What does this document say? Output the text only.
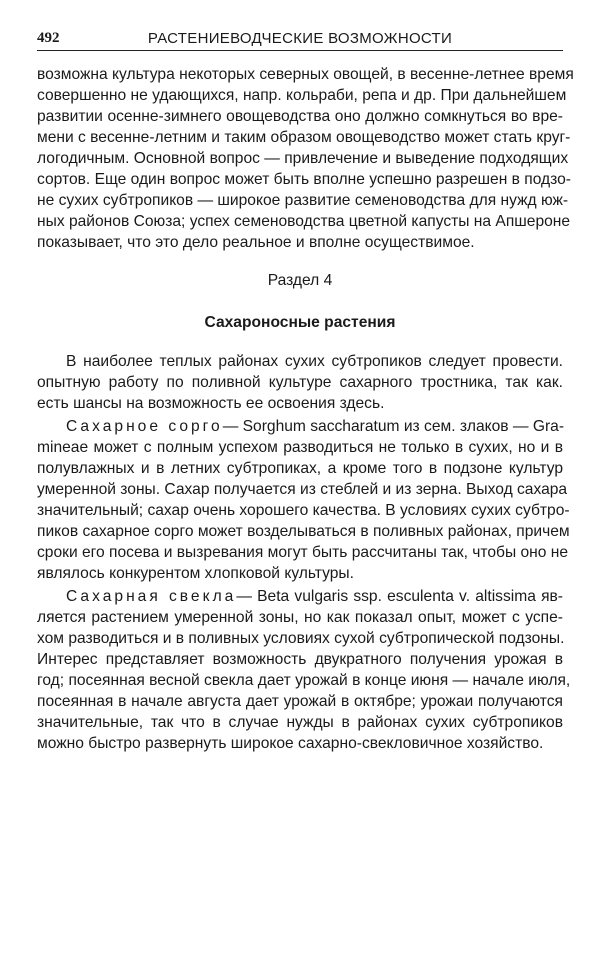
492	РАСТЕНИЕВОДЧЕСКИЕ ВОЗМОЖНОСТИ
возможна культура некоторых северных овощей, в весенне-летнее время
совершенно не удающихся, напр. кольраби, репа и др. При дальнейшем
развитии осенне-зимнего овощеводства оно должно сомкнуться во вре-
мени с весенне-летним и таким образом овощеводство может стать круг-
логодичным. Основной вопрос — привлечение и выведение подходящих
сортов. Еще один вопрос может быть вполне успешно разрешен в подзо-
не сухих субтропиков — широкое развитие семеноводства для нужд юж-
ных районов Союза; успех семеноводства цветной капусты на Апшероне
показывает, что это дело реальное и вполне осуществимое.
Раздел 4
Сахароносные растения
В наиболее теплых районах сухих субтропиков следует провести.
опытную работу по поливной культуре сахарного тростника, так как.
есть шансы на возможность ее освоения здесь.
Сахарное сорго— Sorghum saccharatum из сем. злаков — Gra-
mineae может с полным успехом разводиться не только в сухих, но и в
полувлажных и в летних субтропиках, а кроме того в подзоне культур
умеренной зоны. Сахар получается из стеблей и из зерна. Выход сахара
значительный; сахар очень хорошего качества. В условиях сухих субтро-
пиков сахарное сорго может возделываться в поливных районах, причем
сроки его посева и вызревания могут быть рассчитаны так, чтобы оно не
являлось конкурентом хлопковой культуры.
Сахарная свекла— Beta vulgaris ssp. esculenta v. altissima яв-
ляется растением умеренной зоны, но как показал опыт, может с успе-
хом разводиться и в поливных условиях сухой субтропической подзоны.
Интерес представляет возможность двукратного получения урожая в
год; посеянная весной свекла дает урожай в конце июня — начале июля,
посеянная в начале августа дает урожай в октябре; урожаи получаются
значительные, так что в случае нужды в районах сухих субтропиков
можно быстро развернуть широкое сахарно-свекловичное хозяйство.
